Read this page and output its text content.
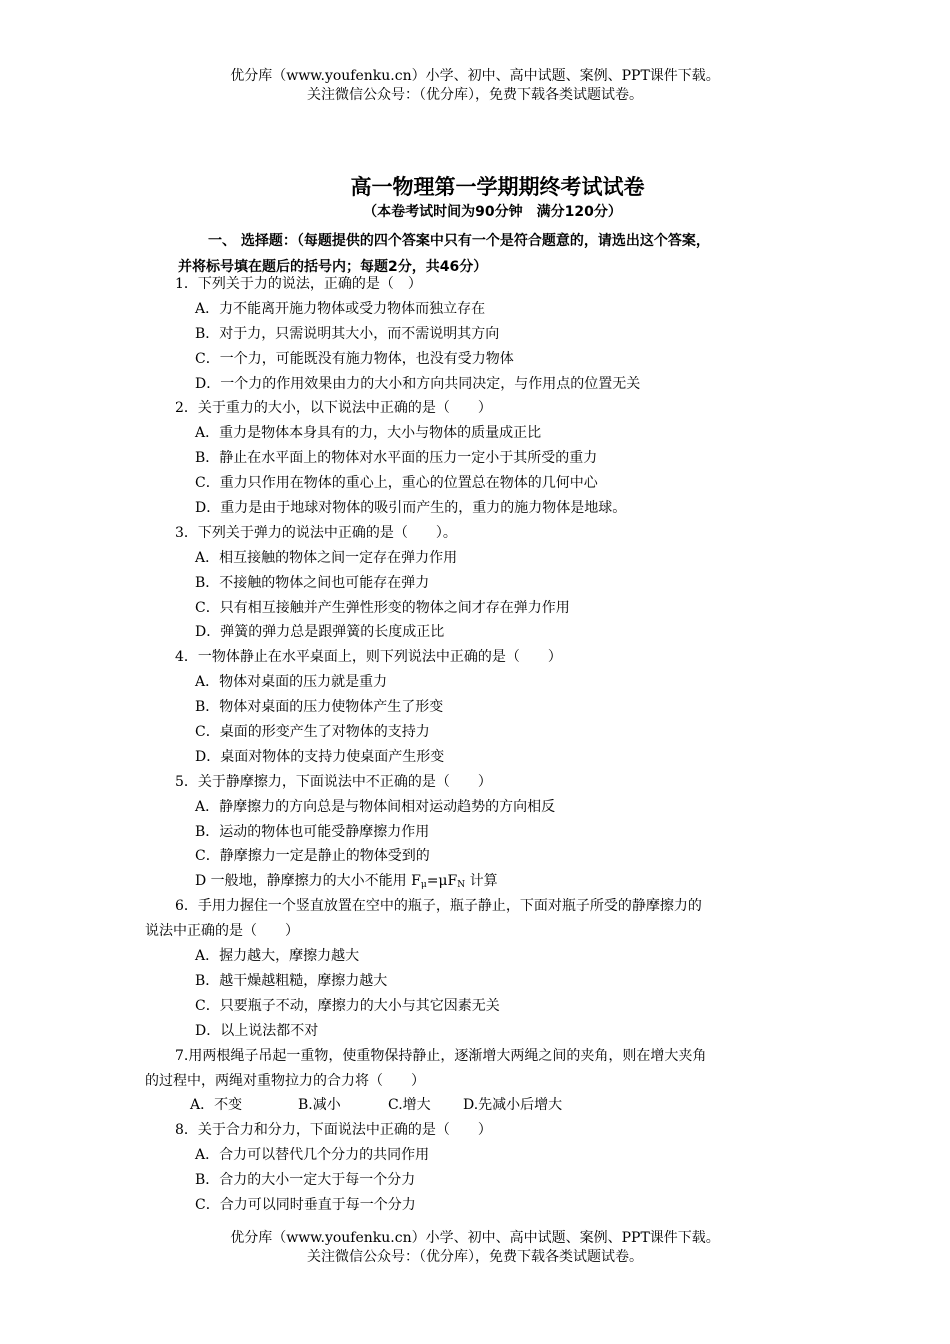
优分库（www.youfenku.cn）小学、初中、高中试题、案例、PPT课件下载。
关注微信公众号：（优分库），免费下载各类试题试卷。
高一物理第一学期期终考试试卷
（本卷考试时间为90分钟　满分120分）
一、 选择题：（每题提供的四个答案中只有一个是符合题意的，请选出这个答案，
并将标号填在题后的括号内；每题2分，共46分）
1．下列关于力的说法，正确的是（　）
A．力不能离开施力物体或受力物体而独立存在
B．对于力，只需说明其大小，而不需说明其方向
C．一个力，可能既没有施力物体，也没有受力物体
D．一个力的作用效果由力的大小和方向共同决定，与作用点的位置无关
2．关于重力的大小，以下说法中正确的是（　　）
A．重力是物体本身具有的力，大小与物体的质量成正比
B．静止在水平面上的物体对水平面的压力一定小于其所受的重力
C．重力只作用在物体的重心上，重心的位置总在物体的几何中心
D．重力是由于地球对物体的吸引而产生的，重力的施力物体是地球。
3．下列关于弹力的说法中正确的是（　　）。
A．相互接触的物体之间一定存在弹力作用
B．不接触的物体之间也可能存在弹力
C．只有相互接触并产生弹性形变的物体之间才存在弹力作用
D．弹簧的弹力总是跟弹簧的长度成正比
4．一物体静止在水平桌面上，则下列说法中正确的是（　　）
A．物体对桌面的压力就是重力
B．物体对桌面的压力使物体产生了形变
C．桌面的形变产生了对物体的支持力
D．桌面对物体的支持力使桌面产生形变
5．关于静摩擦力，下面说法中不正确的是（　　）
A．静摩擦力的方向总是与物体间相对运动趋势的方向相反
B．运动的物体也可能受静摩擦力作用
C．静摩擦力一定是静止的物体受到的
D 一般地，静摩擦力的大小不能用 $F_\mu=\mu F_N$ 计算
6．手用力握住一个竖直放置在空中的瓶子，瓶子静止，下面对瓶子所受的静摩擦力的
说法中正确的是（　　）
A．握力越大，摩擦力越大
B．越干燥越粗糙，摩擦力越大
C．只要瓶子不动，摩擦力的大小与其它因素无关
D．以上说法都不对
7.用两根绳子吊起一重物，使重物保持静止，逐渐增大两绳之间的夹角，则在增大夹角
的过程中，两绳对重物拉力的合力将（　　）
A．不变	B.减小	C.增大 D.先减小后增大
8．关于合力和分力，下面说法中正确的是（　　）
A．合力可以替代几个分力的共同作用
B．合力的大小一定大于每一个分力
C．合力可以同时垂直于每一个分力
优分库（www.youfenku.cn）小学、初中、高中试题、案例、PPT课件下载。
关注微信公众号：（优分库），免费下载各类试题试卷。
